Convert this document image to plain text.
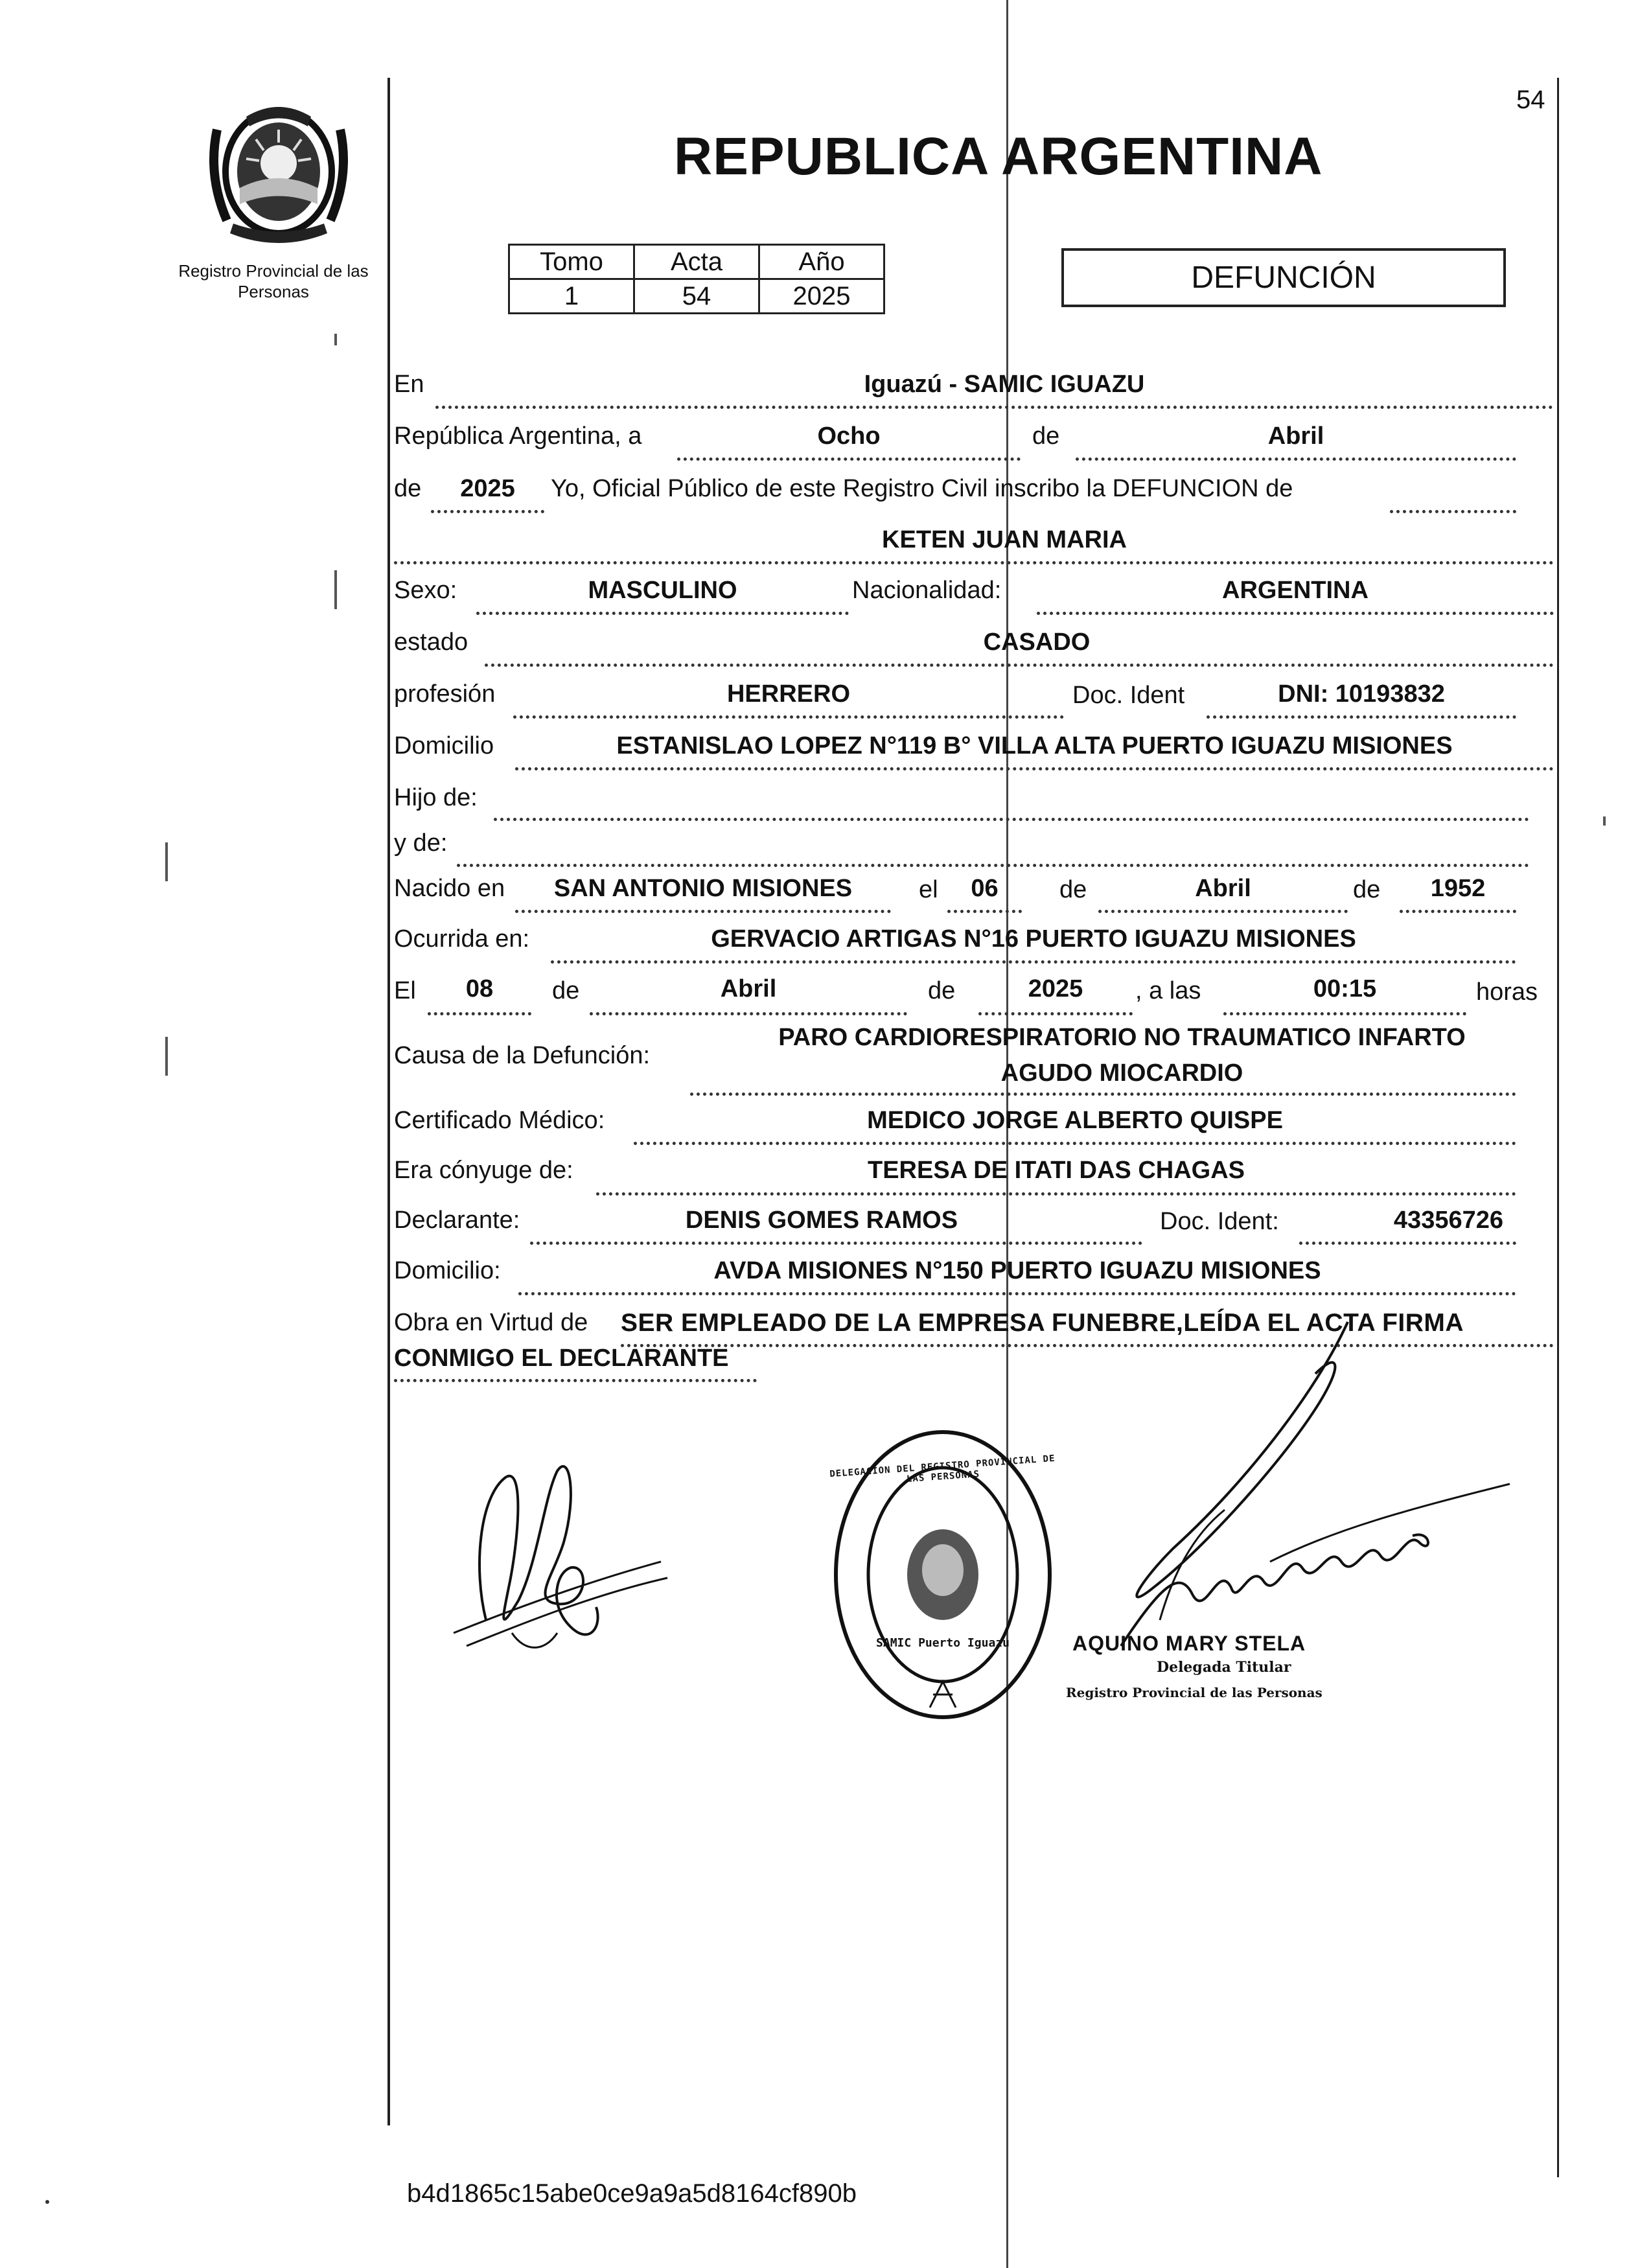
54
Registro Provincial de las Personas
REPUBLICA ARGENTINA
Tomo	Acta	Año
1	54	2025
DEFUNCIÓN
En	Iguazú - SAMIC IGUAZU
República Argentina, a	Ocho	de	Abril
de	2025	Yo, Oficial Público de este Registro Civil inscribo la DEFUNCION de
KETEN JUAN MARIA
Sexo:	MASCULINO	Nacionalidad:	ARGENTINA
estado	CASADO
profesión	HERRERO	Doc. Ident	DNI: 10193832
Domicilio	ESTANISLAO LOPEZ N°119 B° VILLA ALTA PUERTO IGUAZU MISIONES
Hijo de:
y de:
Nacido en	SAN ANTONIO MISIONES	el	06	de	Abril	de	1952
Ocurrida en:	GERVACIO ARTIGAS N°16 PUERTO IGUAZU MISIONES
El	08	de	Abril	de	2025	, a las	00:15	horas
Causa de la Defunción:
PARO CARDIORESPIRATORIO NO TRAUMATICO INFARTO
AGUDO MIOCARDIO
Certificado Médico:	MEDICO JORGE ALBERTO QUISPE
Era cónyuge de:	TERESA DE ITATI DAS CHAGAS
Declarante:	DENIS GOMES RAMOS	Doc. Ident:	43356726
Domicilio:	AVDA MISIONES N°150 PUERTO IGUAZU MISIONES
Obra en Virtud de SER EMPLEADO DE LA EMPRESA FUNEBRE,LEÍDA EL ACTA FIRMA
CONMIGO EL DECLARANTE
DELEGACION DEL REGISTRO PROVINCIAL DE LAS PERSONAS
SAMIC Puerto Iguazu	AQUINO MARY STELA
Delegada Titular
Registro Provincial de las Personas
b4d1865c15abe0ce9a9a5d8164cf890b
